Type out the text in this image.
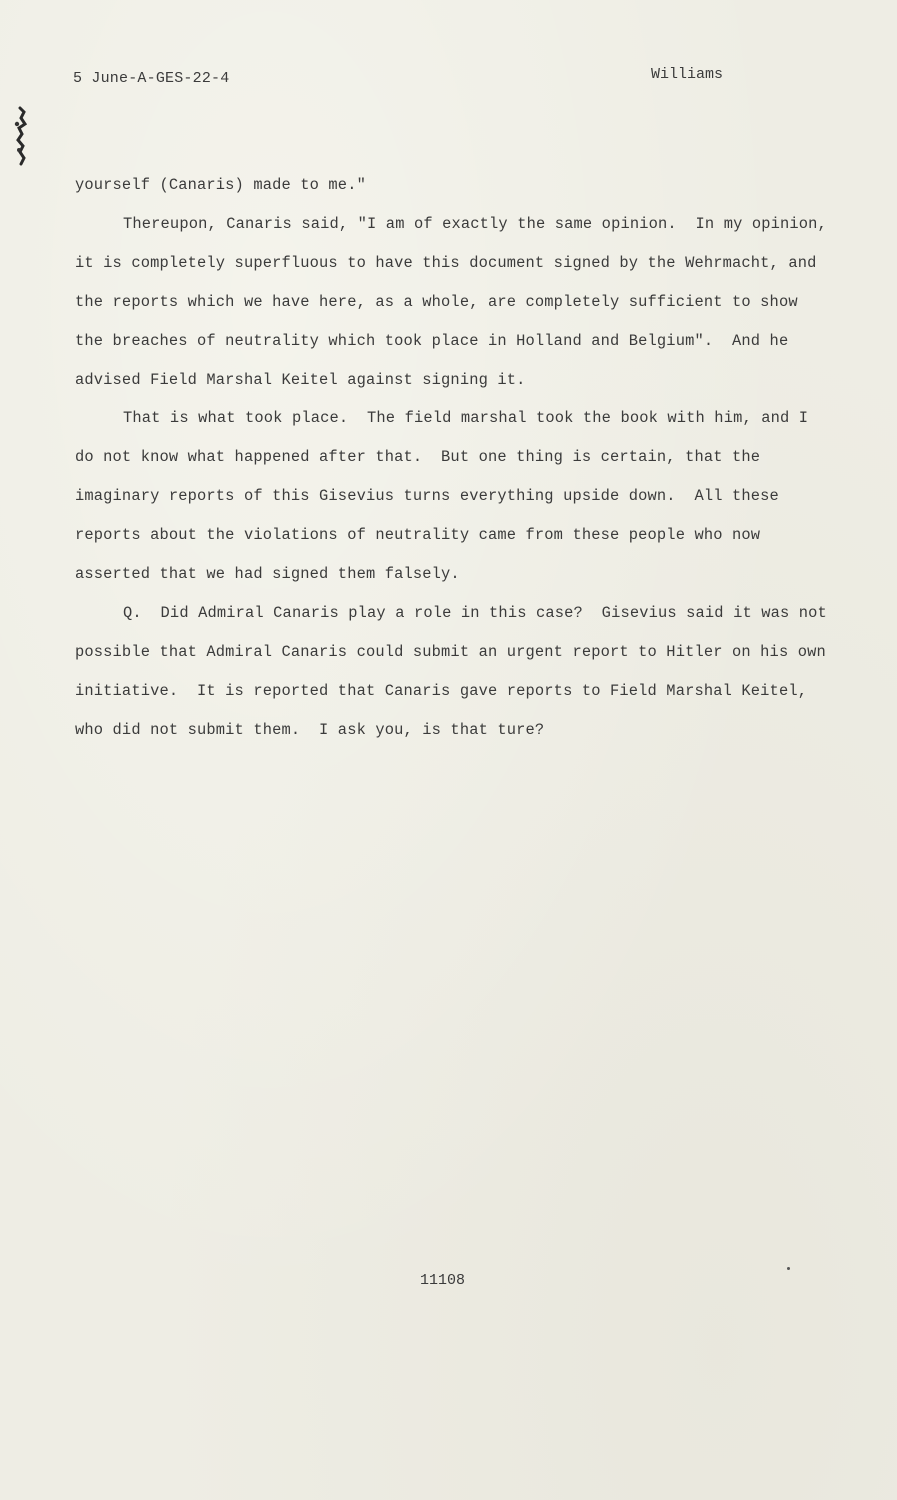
5 June-A-GES-22-4	Williams

yourself (Canaris) made to me."

Thereupon, Canaris said, "I am of exactly the same opinion.  In my opinion, it is completely superfluous to have this document signed by the Wehrmacht, and the reports which we have here, as a whole, are completely sufficient to show the breaches of neutrality which took place in Holland and Belgium".  And he advised Field Marshal Keitel against signing it.

That is what took place.  The field marshal took the book with him, and I do not know what happened after that.  But one thing is certain, that the imaginary reports of this Gisevius turns everything upside down.  All these reports about the violations of neutrality came from these people who now asserted that we had signed them falsely.

Q.  Did Admiral Canaris play a role in this case?  Gisevius said it was not possible that Admiral Canaris could submit an urgent report to Hitler on his own initiative.  It is reported that Canaris gave reports to Field Marshal Keitel, who did not submit them.  I ask you, is that ture?

11108
